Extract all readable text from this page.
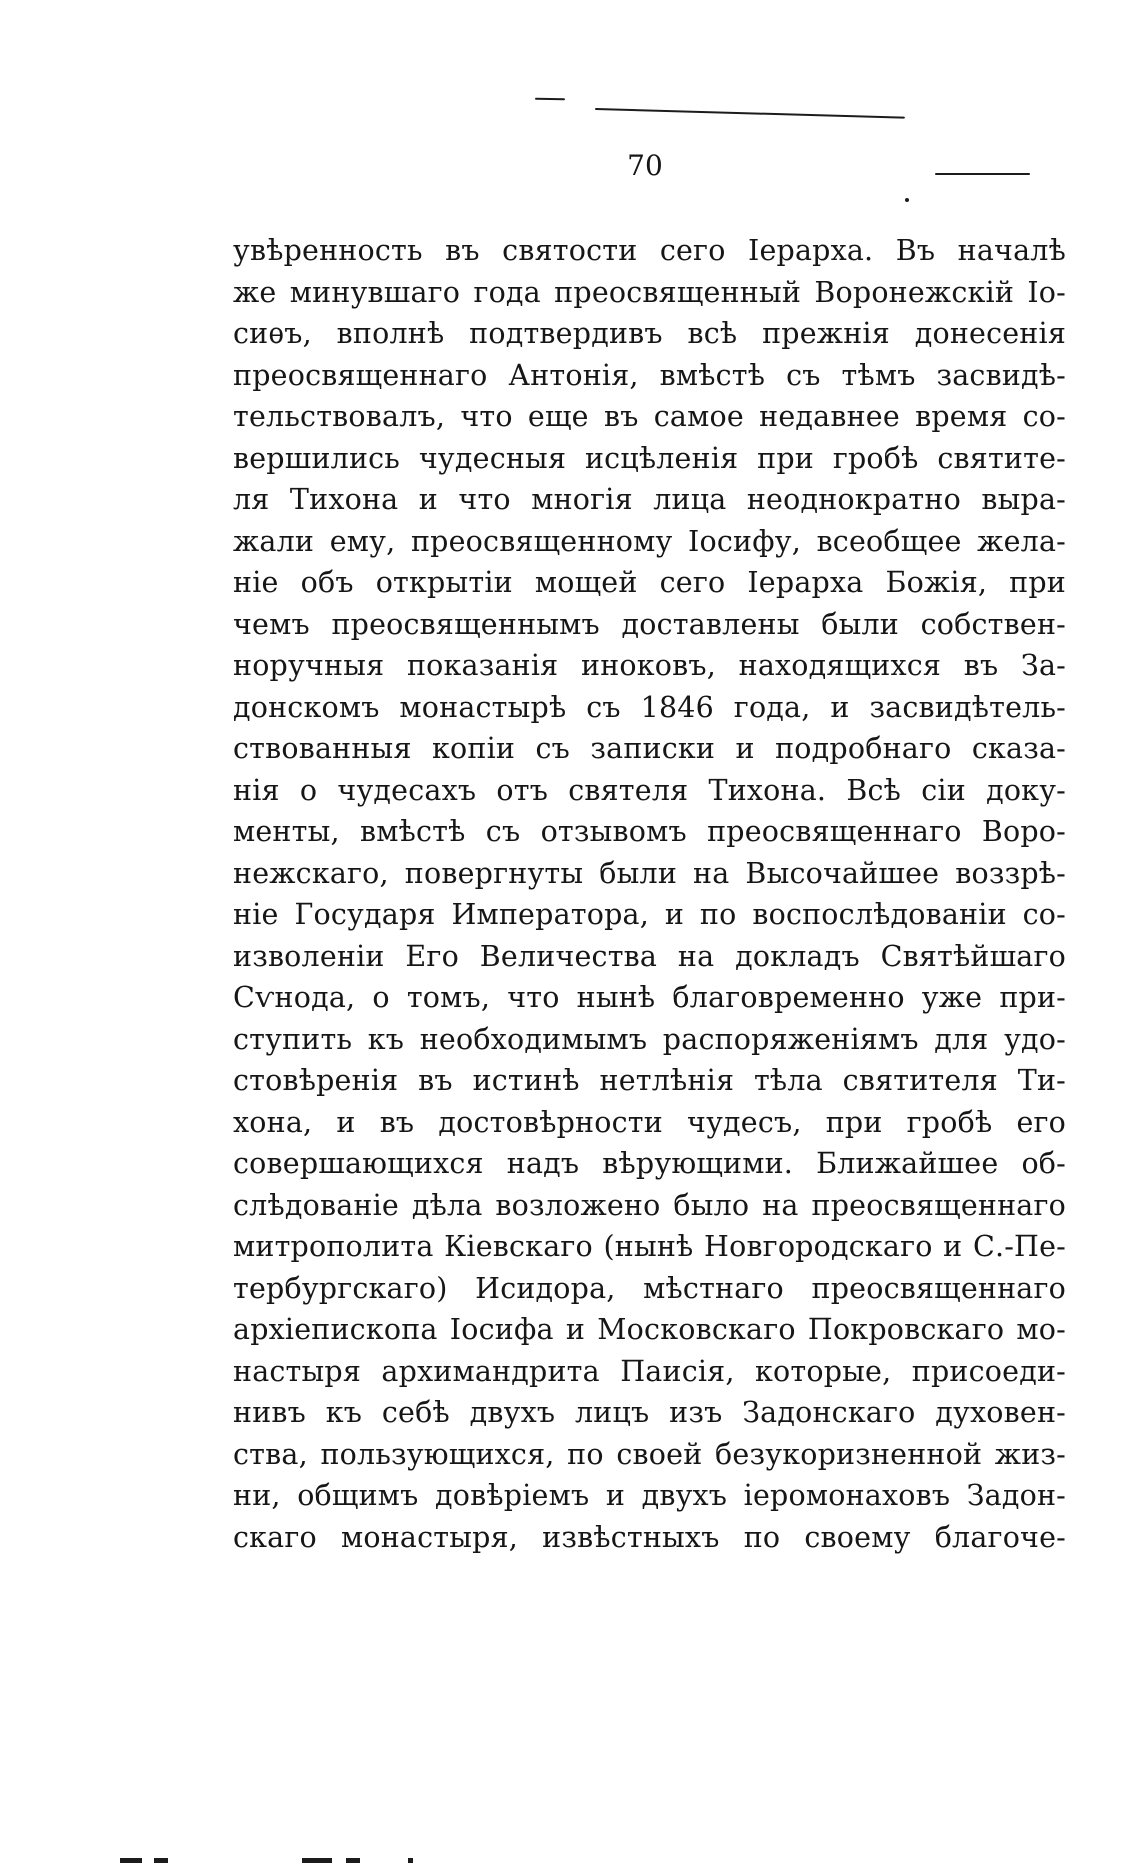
70
увѣренность въ святости сего Іерарха. Въ началѣ
же минувшаго года преосвященный Воронежскій Іо-
сиѳъ, вполнѣ подтвердивъ всѣ прежнія донесенія
преосвященнаго Антонія, вмѣстѣ съ тѣмъ засвидѣ-
тельствовалъ, что еще въ самое недавнее время со-
вершились чудесныя исцѣленія при гробѣ святите-
ля Тихона и что многія лица неоднократно выра-
жали ему, преосвященному Іосифу, всеобщее жела-
ніе объ открытіи мощей сего Іерарха Божія, при
чемъ преосвященнымъ доставлены были собствен-
норучныя показанія иноковъ, находящихся въ За-
донскомъ монастырѣ съ 1846 года, и засвидѣтель-
ствованныя копіи съ записки и подробнаго сказа-
нія о чудесахъ отъ святеля Тихона. Всѣ сіи доку-
менты, вмѣстѣ съ отзывомъ преосвященнаго Воро-
нежскаго, повергнуты были на Высочайшее воззрѣ-
ніе Государя Императора, и по воспослѣдованіи со-
изволеніи Его Величества на докладъ Святѣйшаго
Сѵнода, о томъ, что нынѣ благовременно уже при-
ступить къ необходимымъ распоряженіямъ для удо-
стовѣренія въ истинѣ нетлѣнія тѣла святителя Ти-
хона, и въ достовѣрности чудесъ, при гробѣ его
совершающихся надъ вѣрующими. Ближайшее об-
слѣдованіе дѣла возложено было на преосвященнаго
митрополита Кіевскаго (нынѣ Новгородскаго и С.-Пе-
тербургскаго) Исидора, мѣстнаго преосвященнаго
архіепископа Іосифа и Московскаго Покровскаго мо-
настыря архимандрита Паисія, которые, присоеди-
нивъ къ себѣ двухъ лицъ изъ Задонскаго духовен-
ства, пользующихся, по своей безукоризненной жиз-
ни, общимъ довѣріемъ и двухъ іеромонаховъ Задон-
скаго монастыря, извѣстныхъ по своему благоче-
